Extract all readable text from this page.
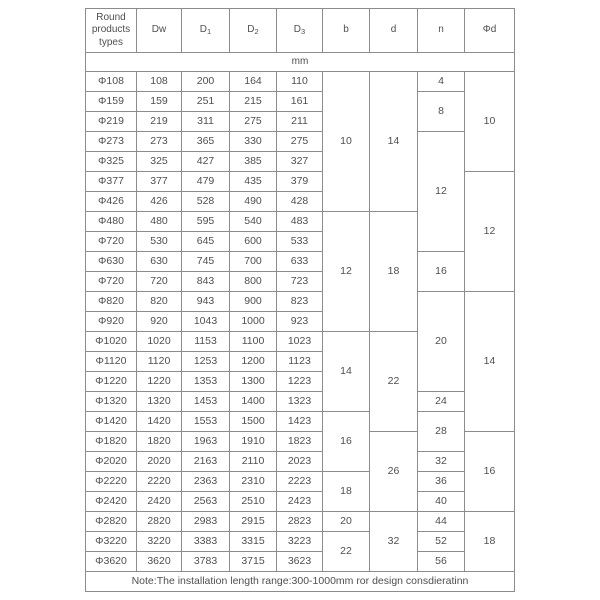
Round products types	Dw	$D_1$	$D_2$	$D_3$	b	d	n	Φd
mm								
Φ108	108	200	164	110	10	14	4	10
Φ159	159	251	215	161			8	
Φ219	219	311	275	211				
Φ273	273	365	330	275			12	
Φ325	325	427	385	327				
Φ377	377	479	435	379				12
Φ426	426	528	490	428				
Φ480	480	595	540	483	12	18		
Φ720	530	645	600	533				
Φ630	630	745	700	633			16	
Φ720	720	843	800	723				
Φ820	820	943	900	823			20	14
Φ920	920	1043	1000	923				
Φ1020	1020	1153	1100	1023	14	22		
Φ1120	1120	1253	1200	1123				
Φ1220	1220	1353	1300	1223				
Φ1320	1320	1453	1400	1323			24	
Φ1420	1420	1553	1500	1423	16		28	
Φ1820	1820	1963	1910	1823		26		16
Φ2020	2020	2163	2110	2023			32	
Φ2220	2220	2363	2310	2223	18		36	
Φ2420	2420	2563	2510	2423			40	
Φ2820	2820	2983	2915	2823	20	32	44	18
Φ3220	3220	3383	3315	3223	22		52	
Φ3620	3620	3783	3715	3623			56	
Note:The installation length range:300-1000mm ror design consdieratinn								
